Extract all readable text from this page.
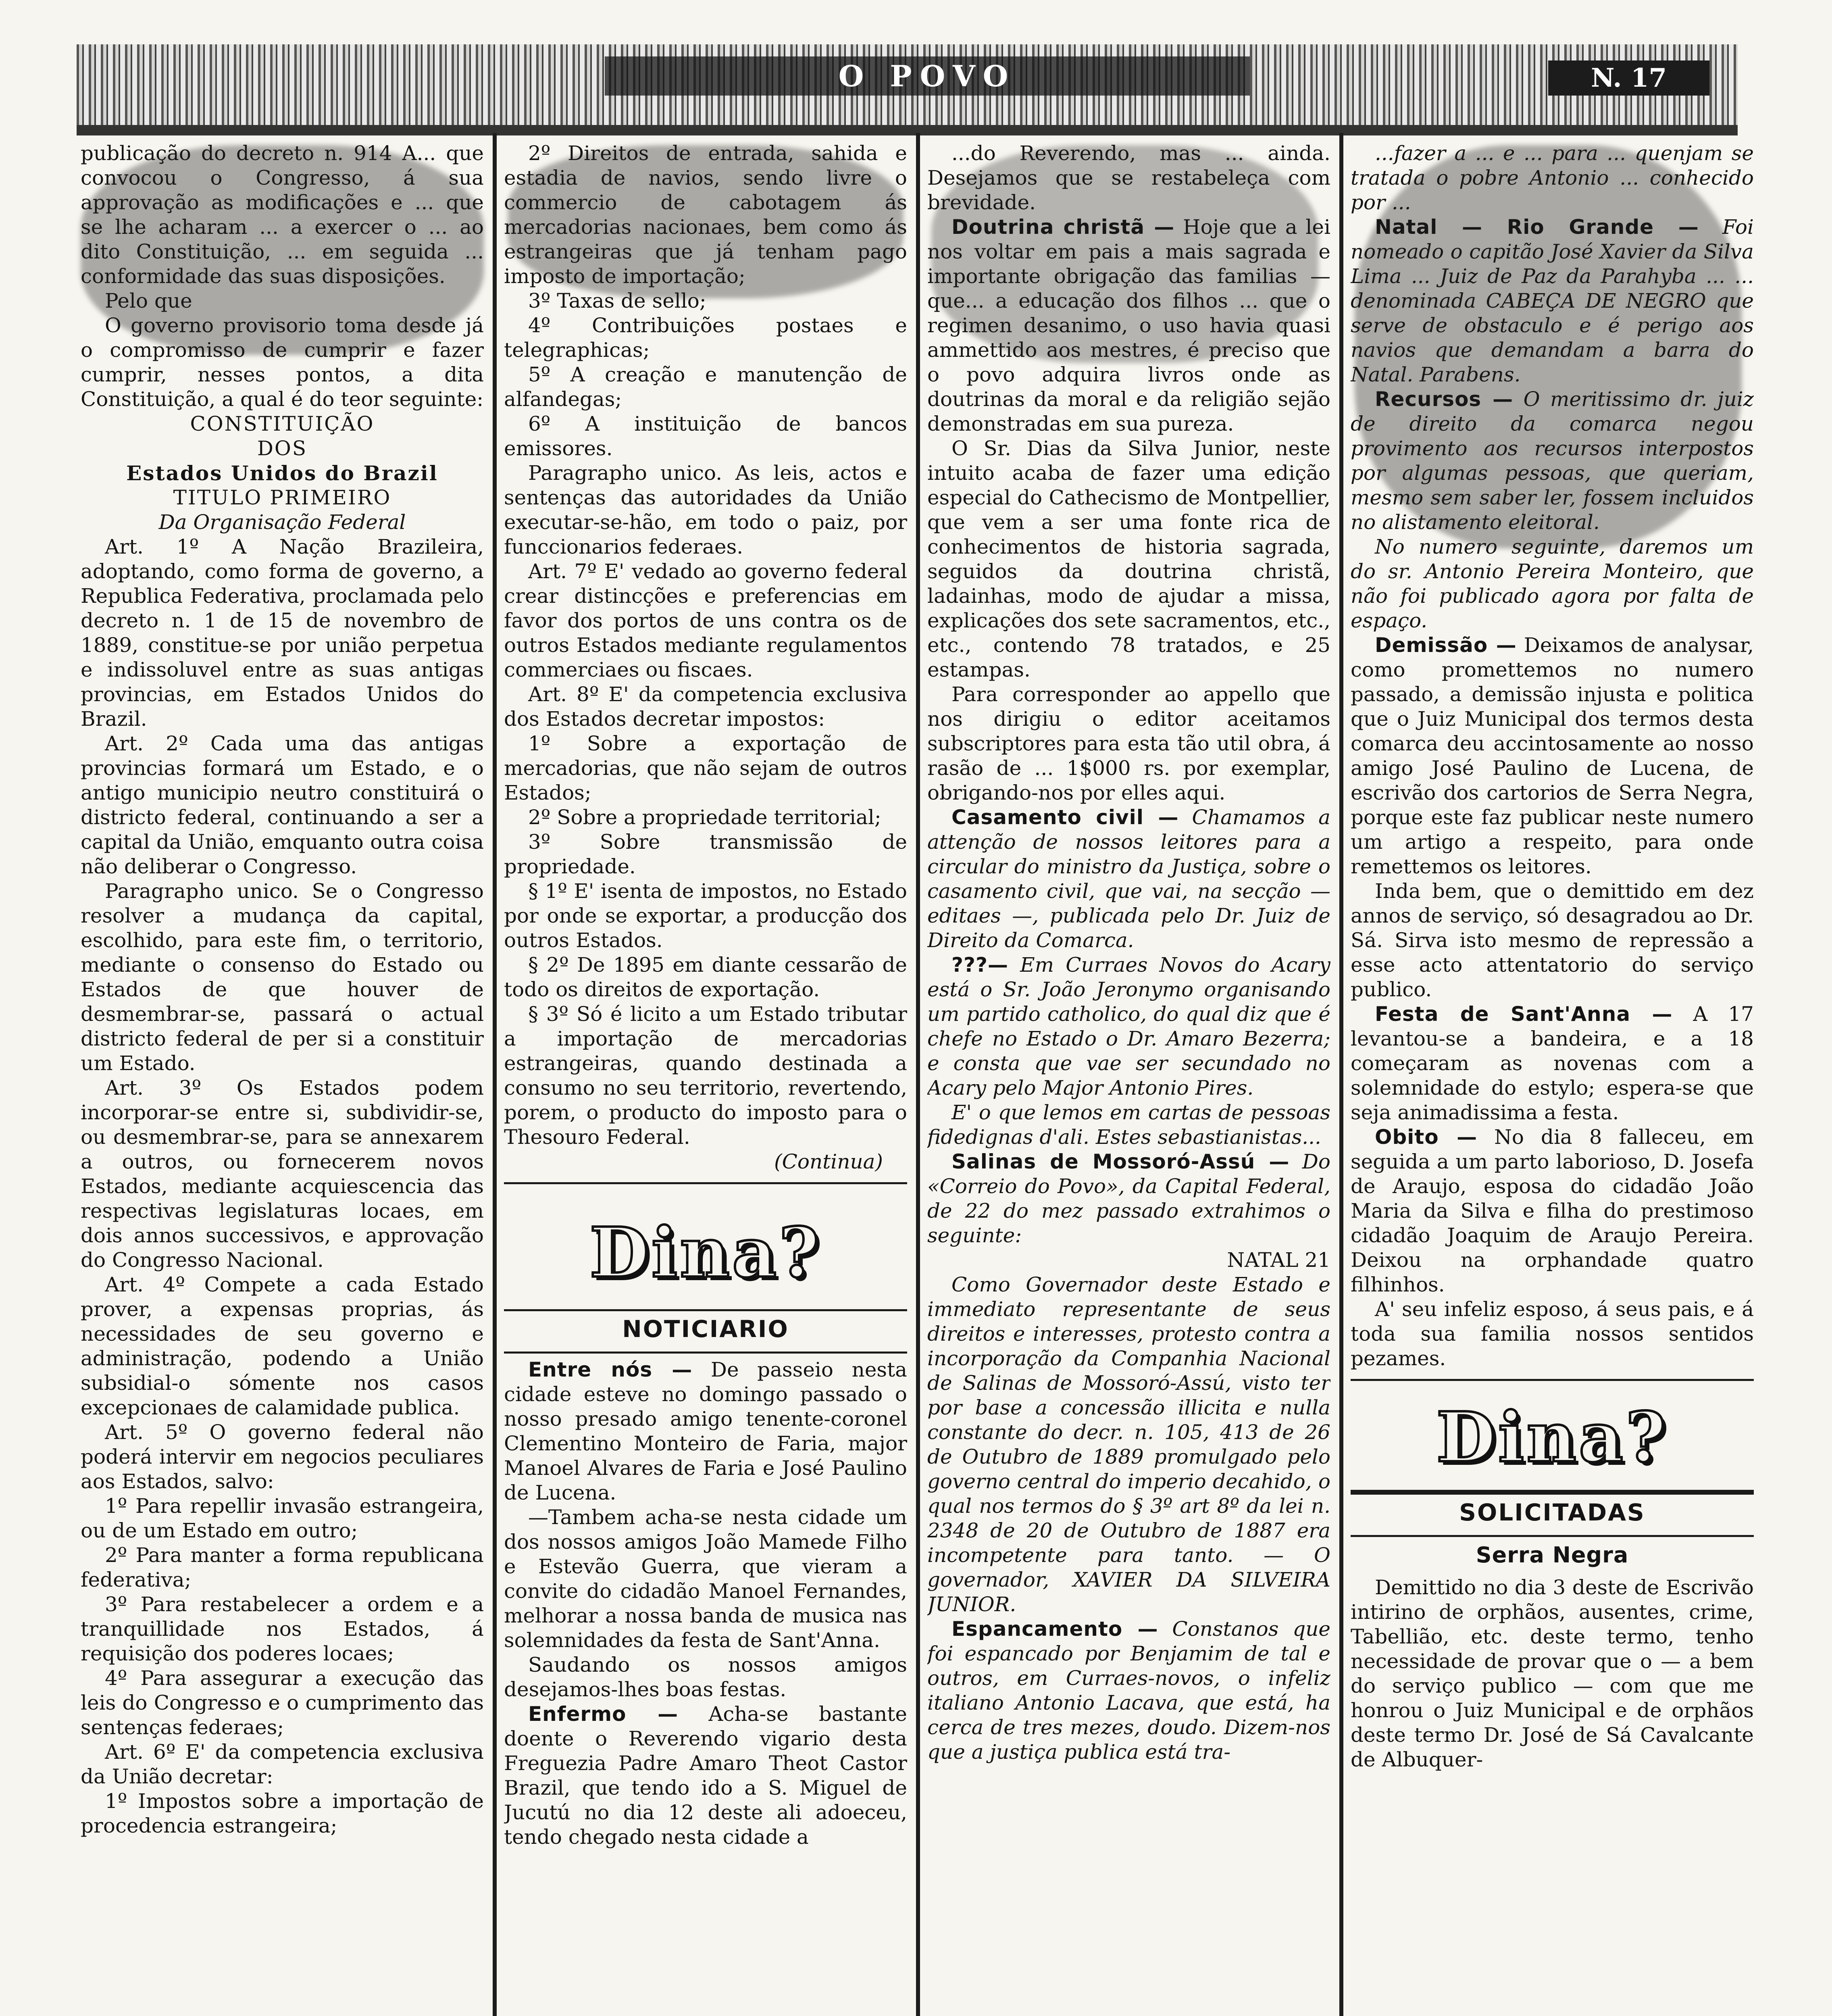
O POVO	N. 17

publicação do decreto n. 914 A... que convocou o Congresso, á sua approvação as modificações e ... que se lhe acharam ... a exercer o ... ao dito Constituição, ... em seguida ... conformidade das suas disposições.

Pelo que

O governo provisorio toma desde já o compromisso de cumprir e fazer cumprir, nesses pontos, a dita Constituição, a qual é do teor seguinte:

CONSTITUIÇÃO

DOS

Estados Unidos do Brazil

TITULO PRIMEIRO

Da Organisação Federal

Art. 1º A Nação Brazileira, adoptando, como forma de governo, a Republica Federativa, proclamada pelo decreto n. 1 de 15 de novembro de 1889, constitue-se por união perpetua e indissoluvel entre as suas antigas provincias, em Estados Unidos do Brazil.

Art. 2º Cada uma das antigas provincias formará um Estado, e o antigo municipio neutro constituirá o districto federal, continuando a ser a capital da União, emquanto outra coisa não deliberar o Congresso.

Paragrapho unico. Se o Congresso resolver a mudança da capital, escolhido, para este fim, o territorio, mediante o consenso do Estado ou Estados de que houver de desmembrar-se, passará o actual districto federal de per si a constituir um Estado.

Art. 3º Os Estados podem incorporar-se entre si, subdividir-se, ou desmembrar-se, para se annexarem a outros, ou fornecerem novos Estados, mediante acquiescencia das respectivas legislaturas locaes, em dois annos successivos, e approvação do Congresso Nacional.

Art. 4º Compete a cada Estado prover, a expensas proprias, ás necessidades de seu governo e administração, podendo a União subsidial-o sómente nos casos excepcionaes de calamidade publica.

Art. 5º O governo federal não poderá intervir em negocios peculiares aos Estados, salvo:

1º Para repellir invasão estrangeira, ou de um Estado em outro;

2º Para manter a forma republicana federativa;

3º Para restabelecer a ordem e a tranquillidade nos Estados, á requisição dos poderes locaes;

4º Para assegurar a execução das leis do Congresso e o cumprimento das sentenças federaes;

Art. 6º E' da competencia exclusiva da União decretar:

1º Impostos sobre a importação de procedencia estrangeira;

2º Direitos de entrada, sahida e estadia de navios, sendo livre o commercio de cabotagem ás mercadorias nacionaes, bem como ás estrangeiras que já tenham pago imposto de importação;

3º Taxas de sello;

4º Contribuições postaes e telegraphicas;

5º A creação e manutenção de alfandegas;

6º A instituição de bancos emissores.

Paragrapho unico. As leis, actos e sentenças das autoridades da União executar-se-hão, em todo o paiz, por funccionarios federaes.

Art. 7º E' vedado ao governo federal crear distincções e preferencias em favor dos portos de uns contra os de outros Estados mediante regulamentos commerciaes ou fiscaes.

Art. 8º E' da competencia exclusiva dos Estados decretar impostos:

1º Sobre a exportação de mercadorias, que não sejam de outros Estados;

2º Sobre a propriedade territorial;

3º Sobre transmissão de propriedade.

§ 1º E' isenta de impostos, no Estado por onde se exportar, a producção dos outros Estados.

§ 2º De 1895 em diante cessarão de todo os direitos de exportação.

§ 3º Só é licito a um Estado tributar a importação de mercadorias estrangeiras, quando destinada a consumo no seu territorio, revertendo, porem, o producto do imposto para o Thesouro Federal.

(Continua)

Dina?
NOTICIARIO

Entre nós — De passeio nesta cidade esteve no domingo passado o nosso presado amigo tenente-coronel Clementino Monteiro de Faria, major Manoel Alvares de Faria e José Paulino de Lucena.

—Tambem acha-se nesta cidade um dos nossos amigos João Mamede Filho e Estevão Guerra, que vieram a convite do cidadão Manoel Fernandes, melhorar a nossa banda de musica nas solemnidades da festa de Sant'Anna.

Saudando os nossos amigos desejamos-lhes boas festas.

Enfermo — Acha-se bastante doente o Reverendo vigario desta Freguezia Padre Amaro Theot Castor Brazil, que tendo ido a S. Miguel de Jucutú no dia 12 deste ali adoeceu, tendo chegado nesta cidade a

...do Reverendo, mas ... ainda. Desejamos que se restabeleça com brevidade.

Doutrina christã — Hoje que a lei nos voltar em pais a mais sagrada e importante obrigação das familias — que... a educação dos filhos ... que o regimen desanimo, o uso havia quasi ammettido aos mestres, é preciso que o povo adquira livros onde as doutrinas da moral e da religião sejão demonstradas em sua pureza.

O Sr. Dias da Silva Junior, neste intuito acaba de fazer uma edição especial do Cathecismo de Montpellier, que vem a ser uma fonte rica de conhecimentos de historia sagrada, seguidos da doutrina christã, ladainhas, modo de ajudar a missa, explicações dos sete sacramentos, etc., etc., contendo 78 tratados, e 25 estampas.

Para corresponder ao appello que nos dirigiu o editor aceitamos subscriptores para esta tão util obra, á rasão de ... 1$000 rs. por exemplar, obrigando-nos por elles aqui.

Casamento civil — Chamamos a attenção de nossos leitores para a circular do ministro da Justiça, sobre o casamento civil, que vai, na secção — editaes —, publicada pelo Dr. Juiz de Direito da Comarca.

???— Em Curraes Novos do Acary está o Sr. João Jeronymo organisando um partido catholico, do qual diz que é chefe no Estado o Dr. Amaro Bezerra; e consta que vae ser secundado no Acary pelo Major Antonio Pires.

E' o que lemos em cartas de pessoas fidedignas d'ali. Estes sebastianistas...

Salinas de Mossoró-Assú — Do «Correio do Povo», da Capital Federal, de 22 do mez passado extrahimos o seguinte:

NATAL 21

Como Governador deste Estado e immediato representante de seus direitos e interesses, protesto contra a incorporação da Companhia Nacional de Salinas de Mossoró-Assú, visto ter por base a concessão illicita e nulla constante do decr. n. 105, 413 de 26 de Outubro de 1889 promulgado pelo governo central do imperio decahido, o qual nos termos do § 3º art 8º da lei n. 2348 de 20 de Outubro de 1887 era incompetente para tanto. — O governador, XAVIER DA SILVEIRA JUNIOR.

Espancamento — Constanos que foi espancado por Benjamim de tal e outros, em Curraes-novos, o infeliz italiano Antonio Lacava, que está, ha cerca de tres mezes, doudo. Dizem-nos que a justiça publica está tra-

...fazer a ... e ... para ... quenjam se tratada o pobre Antonio ... conhecido por ...

Natal — Rio Grande — Foi nomeado o capitão José Xavier da Silva Lima ... Juiz de Paz da Parahyba ... ... denominada CABEÇA DE NEGRO que serve de obstaculo e é perigo aos navios que demandam a barra do Natal. Parabens.

Recursos — O meritissimo dr. juiz de direito da comarca negou provimento aos recursos interpostos por algumas pessoas, que queriam, mesmo sem saber ler, fossem incluidos no alistamento eleitoral.

No numero seguinte, daremos um do sr. Antonio Pereira Monteiro, que não foi publicado agora por falta de espaço.

Demissão — Deixamos de analysar, como promettemos no numero passado, a demissão injusta e politica que o Juiz Municipal dos termos desta comarca deu accintosamente ao nosso amigo José Paulino de Lucena, de escrivão dos cartorios de Serra Negra, porque este faz publicar neste numero um artigo a respeito, para onde remettemos os leitores.

Inda bem, que o demittido em dez annos de serviço, só desagradou ao Dr. Sá. Sirva isto mesmo de repressão a esse acto attentatorio do serviço publico.

Festa de Sant'Anna — A 17 levantou-se a bandeira, e a 18 começaram as novenas com a solemnidade do estylo; espera-se que seja animadissima a festa.

Obito — No dia 8 falleceu, em seguida a um parto laborioso, D. Josefa de Araujo, esposa do cidadão João Maria da Silva e filha do prestimoso cidadão Joaquim de Araujo Pereira. Deixou na orphandade quatro filhinhos.

A' seu infeliz esposo, á seus pais, e á toda sua familia nossos sentidos pezames.

Dina?
SOLICITADAS

Serra Negra

Demittido no dia 3 deste de Escrivão intirino de orphãos, ausentes, crime, Tabellião, etc. deste termo, tenho necessidade de provar que o — a bem do serviço publico — com que me honrou o Juiz Municipal e de orphãos deste termo Dr. José de Sá Cavalcante de Albuquer-
